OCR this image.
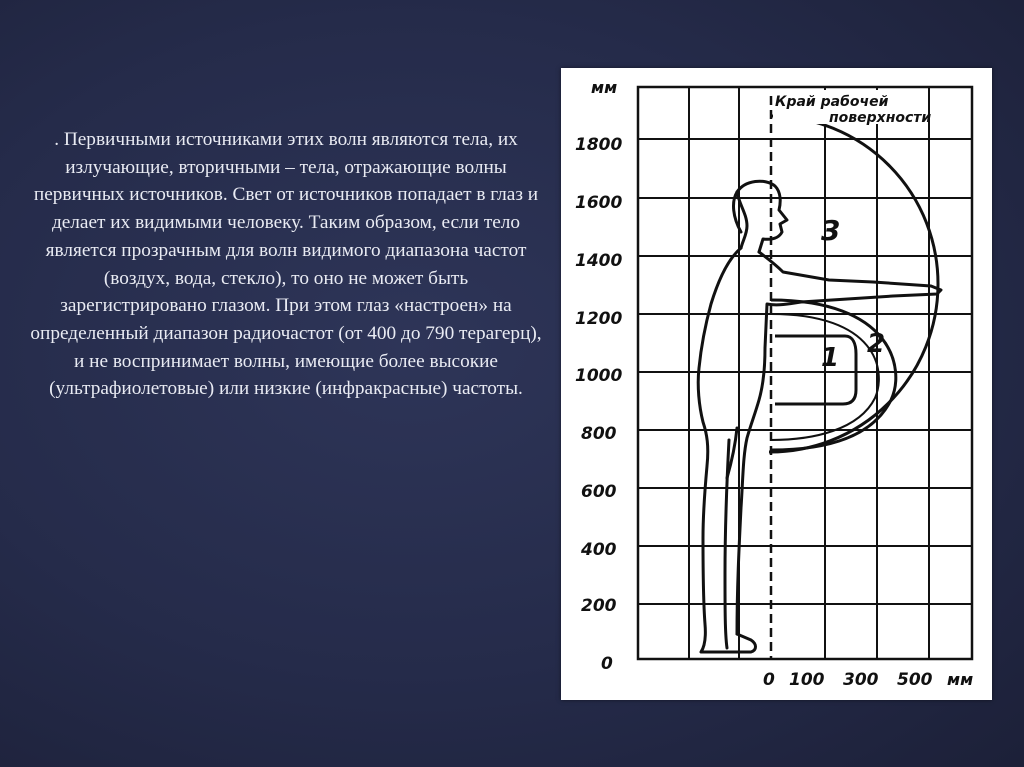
. Первичными источниками этих волн являются тела, их излучающие, вторичными – тела, отражающие волны первичных источников. Свет от источников попадает в глаз и делает их видимыми человеку. Таким образом, если тело является прозрачным для волн видимого диапазона частот (воздух, вода, стекло), то оно не может быть зарегистрировано глазом. При этом глаз «настроен» на определенный диапазон радиочастот (от 400 до 790 терагерц), и не воспринимает волны, имеющие более высокие (ультрафиолетовые) или низкие (инфракрасные) частоты.

мм
1800
1600
1400
1200
1000
800
600
400
200
0
0 100 300 500 мм
Край рабочей
поверхности
3
2
1
